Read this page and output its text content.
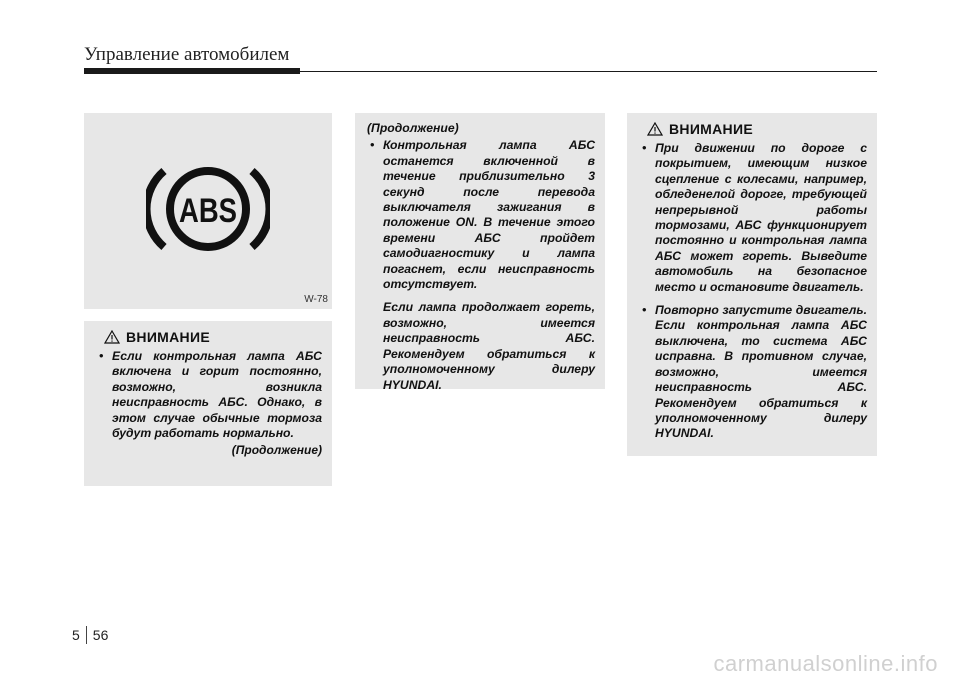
Управление автомобилем
ABS
W-78
ВНИМАНИЕ
• Если контрольная лампа АБС включена и горит постоянно, возможно, возникла неисправность АБС. Однако, в этом случае обычные тормоза будут работать нормально.
(Продолжение)
(Продолжение)
• Контрольная лампа АБС останется включенной в течение приблизительно 3 секунд после перевода выключателя зажигания в положение ON. В течение этого времени АБС пройдет самодиагностику и лампа погаснет, если неисправность отсутствует.
Если лампа продолжает гореть, возможно, имеется неисправность АБС. Рекомендуем обратиться к уполномоченному дилеру HYUNDAI.
ВНИМАНИЕ
• При движении по дороге с покрытием, имеющим низкое сцепление с колесами, например, обледенелой дороге, требующей непрерывной работы тормозами, АБС функционирует постоянно и контрольная лампа АБС может гореть. Выведите автомобиль на безопасное место и остановите двигатель.
• Повторно запустите двигатель. Если контрольная лампа АБС выключена, то система АБС исправна. В противном случае, возможно, имеется неисправность АБС. Рекомендуем обратиться к уполномоченному дилеру HYUNDAI.
5 56
carmanualsonline.info
